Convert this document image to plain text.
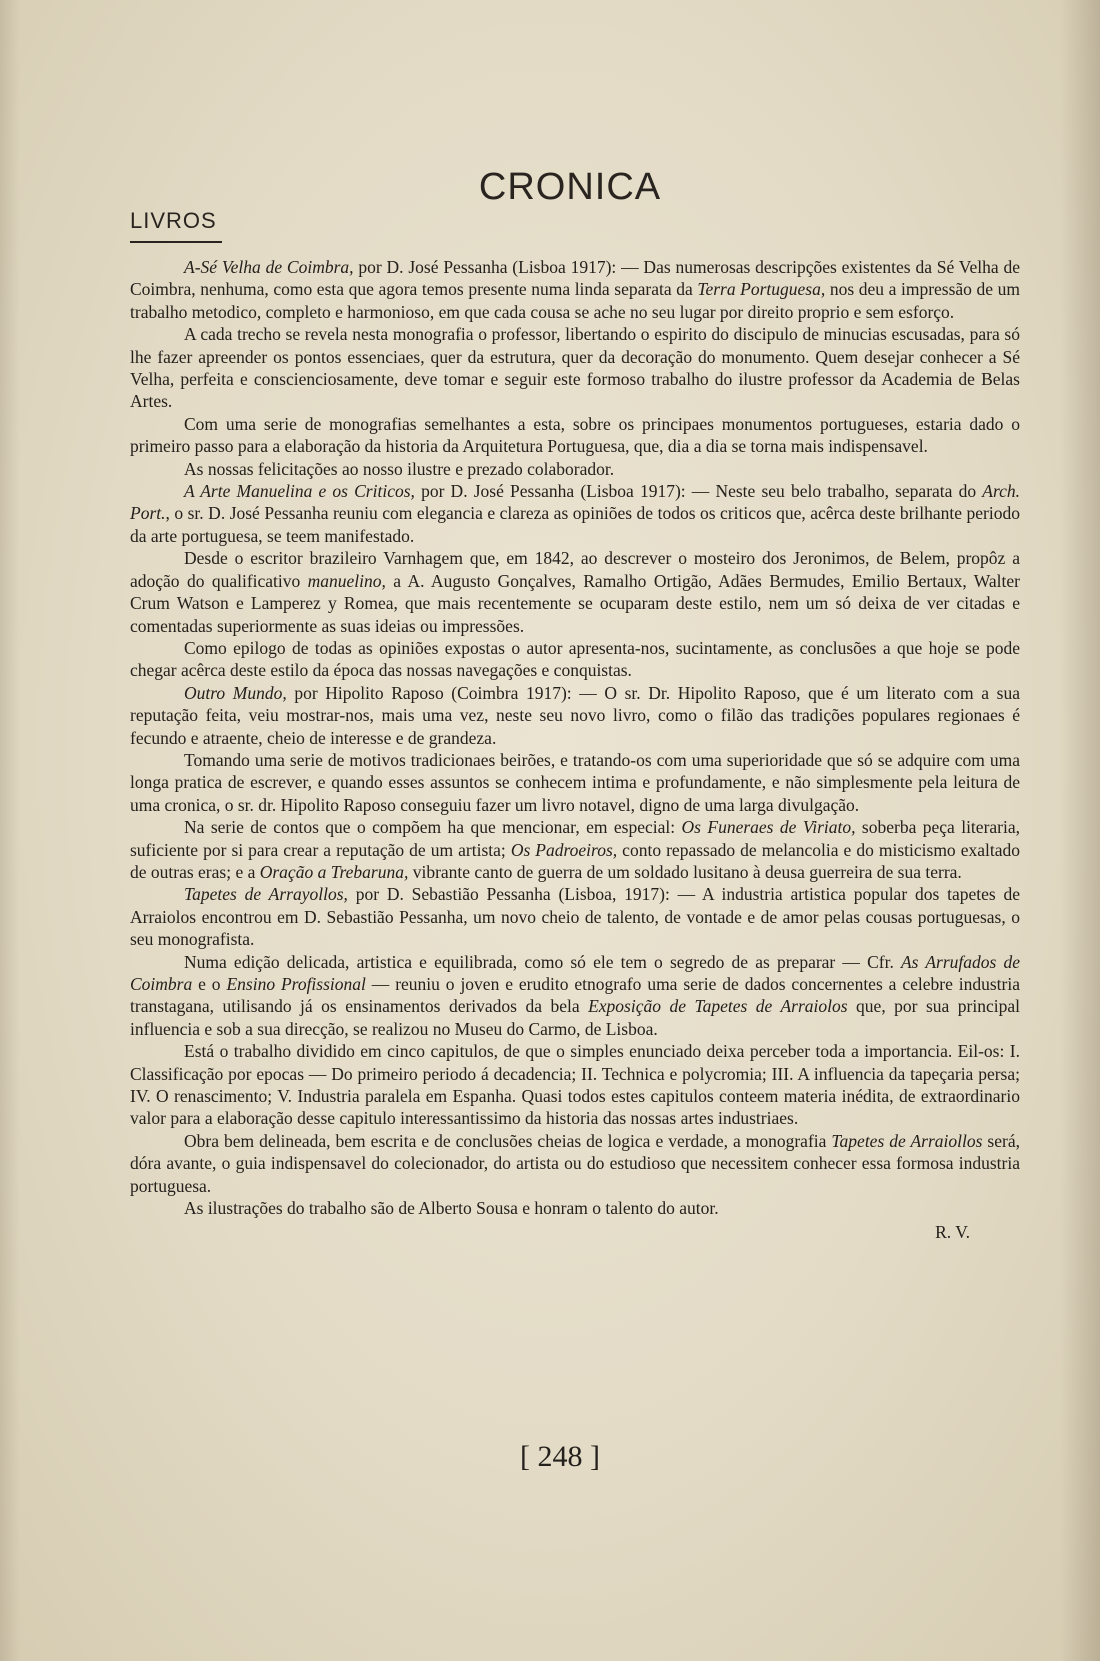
CRONICA
LIVROS

A-Sé Velha de Coimbra, por D. José Pessanha (Lisboa 1917): — Das numerosas descripções existentes da Sé Velha de Coimbra, nenhuma, como esta que agora temos presente numa linda separata da Terra Portuguesa, nos deu a impressão de um trabalho metodico, completo e harmonioso, em que cada cousa se ache no seu lugar por direito proprio e sem esforço.

A cada trecho se revela nesta monografia o professor, libertando o espirito do discipulo de minucias escusadas, para só lhe fazer apreender os pontos essenciaes, quer da estrutura, quer da decoração do monumento. Quem desejar conhecer a Sé Velha, perfeita e conscienciosamente, deve tomar e seguir este formoso trabalho do ilustre professor da Academia de Belas Artes.

Com uma serie de monografias semelhantes a esta, sobre os principaes monumentos portugueses, estaria dado o primeiro passo para a elaboração da historia da Arquitetura Portuguesa, que, dia a dia se torna mais indispensavel.

As nossas felicitações ao nosso ilustre e prezado colaborador.

A Arte Manuelina e os Criticos, por D. José Pessanha (Lisboa 1917): — Neste seu belo trabalho, separata do Arch. Port., o sr. D. José Pessanha reuniu com elegancia e clareza as opiniões de todos os criticos que, acêrca deste brilhante periodo da arte portuguesa, se teem manifestado.

Desde o escritor brazileiro Varnhagem que, em 1842, ao descrever o mosteiro dos Jeronimos, de Belem, propôz a adoção do qualificativo manuelino, a A. Augusto Gonçalves, Ramalho Ortigão, Adães Bermudes, Emilio Bertaux, Walter Crum Watson e Lamperez y Romea, que mais recentemente se ocuparam deste estilo, nem um só deixa de ver citadas e comentadas superiormente as suas ideias ou impressões.

Como epilogo de todas as opiniões expostas o autor apresenta-nos, sucintamente, as conclusões a que hoje se pode chegar acêrca deste estilo da época das nossas navegações e conquistas.

Outro Mundo, por Hipolito Raposo (Coimbra 1917): — O sr. Dr. Hipolito Raposo, que é um literato com a sua reputação feita, veiu mostrar-nos, mais uma vez, neste seu novo livro, como o filão das tradições populares regionaes é fecundo e atraente, cheio de interesse e de grandeza.

Tomando uma serie de motivos tradicionaes beirões, e tratando-os com uma superioridade que só se adquire com uma longa pratica de escrever, e quando esses assuntos se conhecem intima e profundamente, e não simplesmente pela leitura de uma cronica, o sr. dr. Hipolito Raposo conseguiu fazer um livro notavel, digno de uma larga divulgação.

Na serie de contos que o compõem ha que mencionar, em especial: Os Funeraes de Viriato, soberba peça literaria, suficiente por si para crear a reputação de um artista; Os Padroeiros, conto repassado de melancolia e do misticismo exaltado de outras eras; e a Oração a Trebaruna, vibrante canto de guerra de um soldado lusitano à deusa guerreira de sua terra.

Tapetes de Arrayollos, por D. Sebastião Pessanha (Lisboa, 1917): — A industria artistica popular dos tapetes de Arraiolos encontrou em D. Sebastião Pessanha, um novo cheio de talento, de vontade e de amor pelas cousas portuguesas, o seu monografista.

Numa edição delicada, artistica e equilibrada, como só ele tem o segredo de as preparar — Cfr. As Arrufados de Coimbra e o Ensino Profissional — reuniu o joven e erudito etnografo uma serie de dados concernentes a celebre industria transtagana, utilisando já os ensinamentos derivados da bela Exposição de Tapetes de Arraiolos que, por sua principal influencia e sob a sua direcção, se realizou no Museu do Carmo, de Lisboa.

Está o trabalho dividido em cinco capitulos, de que o simples enunciado deixa perceber toda a importancia. Eil-os: I. Classificação por epocas — Do primeiro periodo á decadencia; II. Technica e polycromia; III. A influencia da tapeçaria persa; IV. O renascimento; V. Industria paralela em Espanha. Quasi todos estes capitulos conteem materia inédita, de extraordinario valor para a elaboração desse capitulo interessantissimo da historia das nossas artes industriaes.

Obra bem delineada, bem escrita e de conclusões cheias de logica e verdade, a monografia Tapetes de Arraiollos será, dóra avante, o guia indispensavel do colecionador, do artista ou do estudioso que necessitem conhecer essa formosa industria portuguesa.

As ilustrações do trabalho são de Alberto Sousa e honram o talento do autor.

R. V.

[ 248 ]
